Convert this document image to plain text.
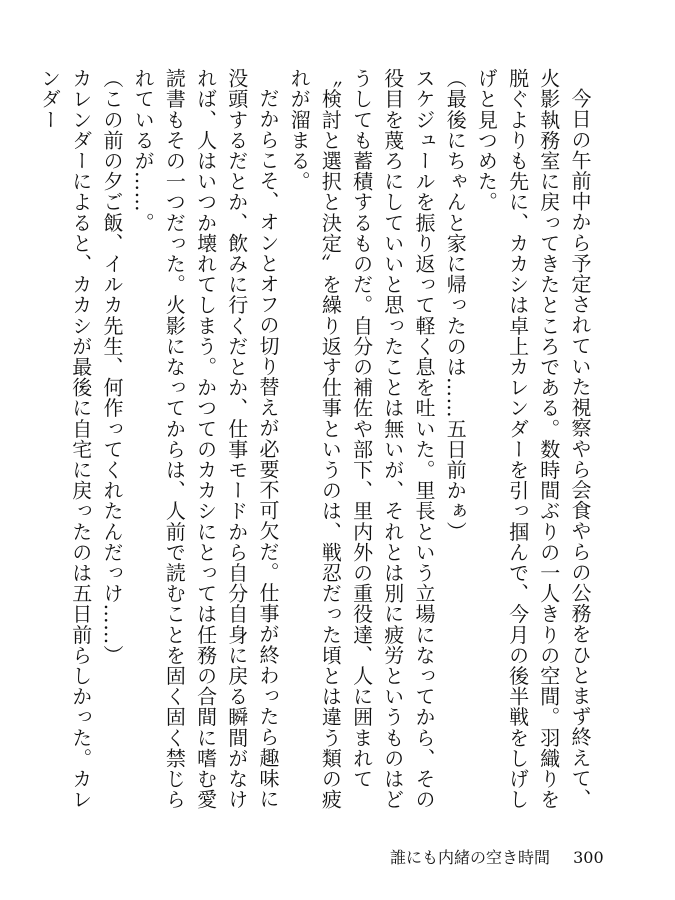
今日の午前中から予定されていた視察やら会食やらの公務をひとまず終えて、火影執務室に戻ってきたところである。数時間ぶりの一人きりの空間。羽織りを脱ぐよりも先に、カカシは卓上カレンダーを引っ掴んで、今月の後半戦をしげしげと見つめた。

（最後にちゃんと家に帰ったのは……五日前かぁ）

スケジュールを振り返って軽く息を吐いた。里長という立場になってから、その役目を蔑ろにしていいと思ったことは無いが、それとは別に疲労というものはどうしても蓄積するものだ。自分の補佐や部下、里内外の重役達、人に囲まれて〝検討と選択と決定〟を繰り返す仕事というのは、戦忍だった頃とは違う類の疲れが溜まる。

だからこそ、オンとオフの切り替えが必要不可欠だ。仕事が終わったら趣味に没頭するだとか、飲みに行くだとか、仕事モードから自分自身に戻る瞬間がなければ、人はいつか壊れてしまう。かつてのカカシにとっては任務の合間に嗜む愛読書もその一つだった。火影になってからは、人前で読むことを固く固く禁じられているが……。

（この前の夕ご飯、イルカ先生、何作ってくれたんだっけ……）

カレンダーによると、カカシが最後に自宅に戻ったのは五日前らしかった。カレンダー

誰にも内緒の空き時間 300
